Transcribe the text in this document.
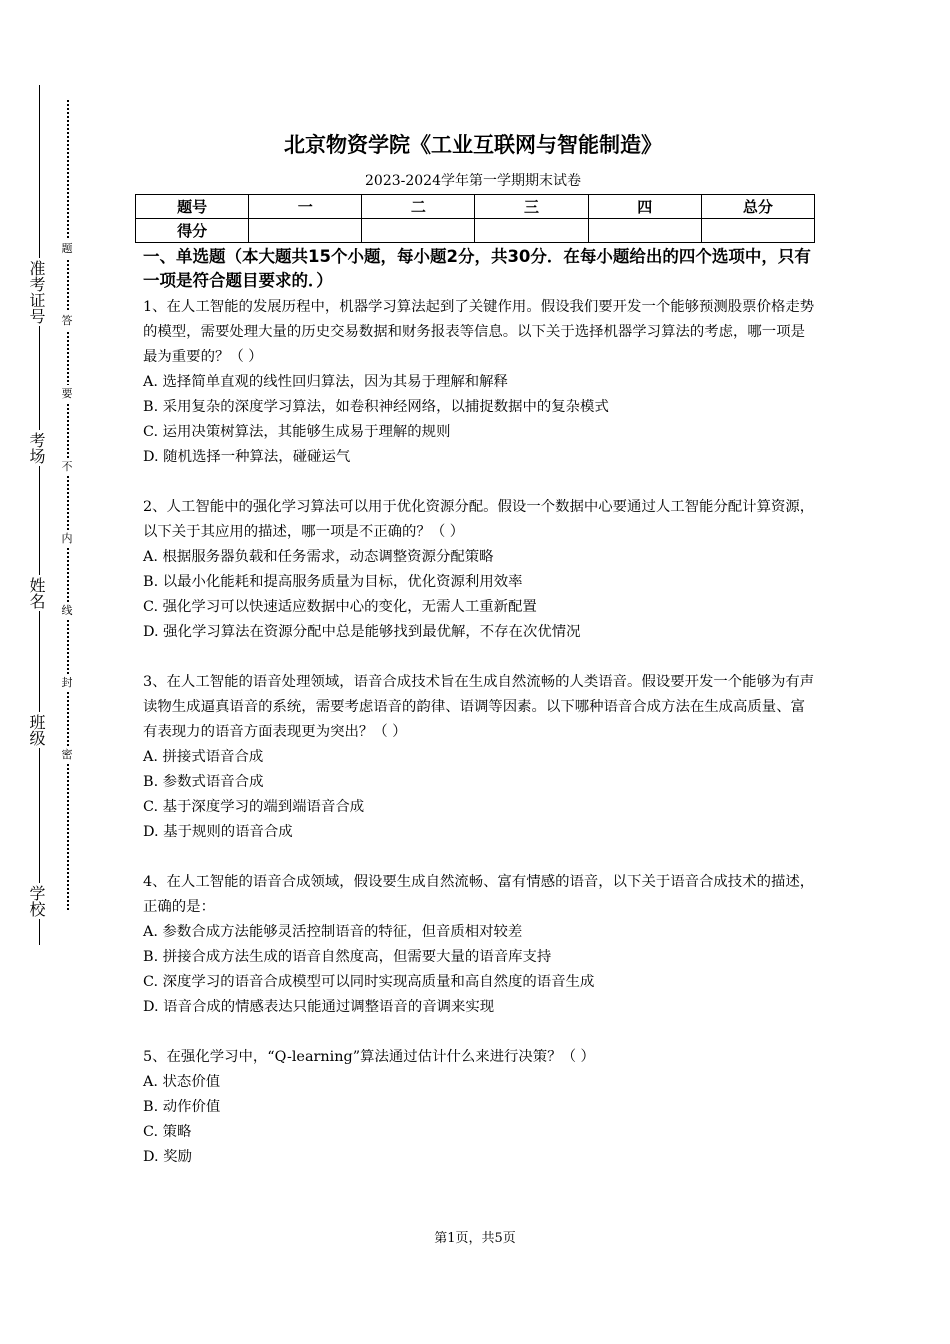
准考证号
考场
姓名
班级
学校
题
答
要
不
内
线
封
密
北京物资学院《工业互联网与智能制造》
2023-2024学年第一学期期末试卷
题号	一	二	三	四	总分
得分					
一、单选题（本大题共15个小题，每小题2分，共30分．在每小题给出的四个选项中，只有一项是符合题目要求的．）

1、在人工智能的发展历程中，机器学习算法起到了关键作用。假设我们要开发一个能够预测股票价格走势的模型，需要处理大量的历史交易数据和财务报表等信息。以下关于选择机器学习算法的考虑，哪一项是最为重要的？（ ）

A. 选择简单直观的线性回归算法，因为其易于理解和解释

B. 采用复杂的深度学习算法，如卷积神经网络，以捕捉数据中的复杂模式

C. 运用决策树算法，其能够生成易于理解的规则

D. 随机选择一种算法，碰碰运气

2、人工智能中的强化学习算法可以用于优化资源分配。假设一个数据中心要通过人工智能分配计算资源，以下关于其应用的描述，哪一项是不正确的？（ ）

A. 根据服务器负载和任务需求，动态调整资源分配策略

B. 以最小化能耗和提高服务质量为目标，优化资源利用效率

C. 强化学习可以快速适应数据中心的变化，无需人工重新配置

D. 强化学习算法在资源分配中总是能够找到最优解，不存在次优情况

3、在人工智能的语音处理领域，语音合成技术旨在生成自然流畅的人类语音。假设要开发一个能够为有声读物生成逼真语音的系统，需要考虑语音的韵律、语调等因素。以下哪种语音合成方法在生成高质量、富有表现力的语音方面表现更为突出？（ ）

A. 拼接式语音合成

B. 参数式语音合成

C. 基于深度学习的端到端语音合成

D. 基于规则的语音合成

4、在人工智能的语音合成领域，假设要生成自然流畅、富有情感的语音，以下关于语音合成技术的描述，正确的是：

A. 参数合成方法能够灵活控制语音的特征，但音质相对较差

B. 拼接合成方法生成的语音自然度高，但需要大量的语音库支持

C. 深度学习的语音合成模型可以同时实现高质量和高自然度的语音生成

D. 语音合成的情感表达只能通过调整语音的音调来实现

5、在强化学习中，“Q-learning”算法通过估计什么来进行决策？（ ）

A. 状态价值

B. 动作价值

C. 策略

D. 奖励

第1页，共5页
